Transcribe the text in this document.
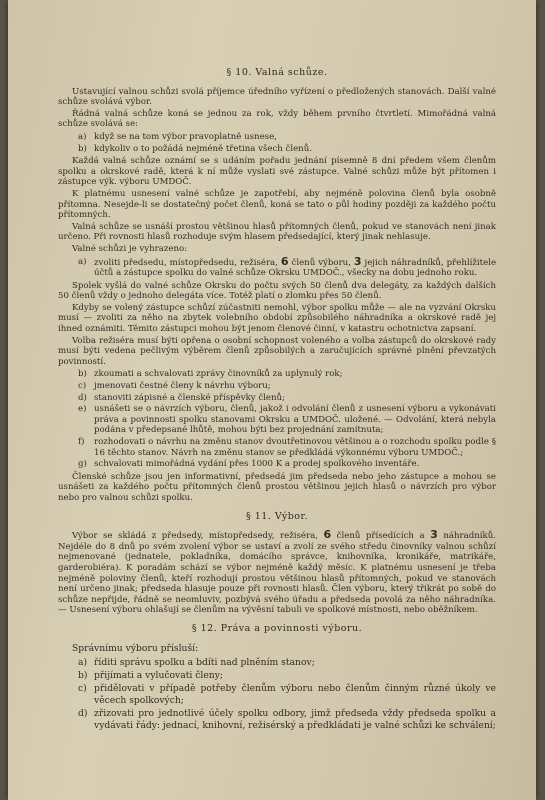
§ 10. Valná schůze.

Ustavující valnou schůzi svolá příjemce úředního vyřízení o předložených stanovách. Další valné schůze svolává výbor.

Řádná valná schůze koná se jednou za rok, vždy během prvního čtvrtletí. Mimořádná valná schůze svolává se:

a) když se na tom výbor pravoplatně usnese,
b) kdykoliv o to požádá nejméně třetina všech členů.

Každá valná schůze oznámí se s udáním pořadu jednání písemně 8 dní předem všem členům spolku a okrskové radě, která k ní může vyslati své zástupce. Valné schůzi může být přítomen i zástupce výk. výboru UMDOČ.

K platnému usnesení valné schůze je zapotřebí, aby nejméně polovina členů byla osobně přítomna. Nesejde-li se dostatečný počet členů, koná se tato o půl hodiny později za každého počtu přítomných.

Valná schůze se usnáší prostou většinou hlasů přítomných členů, pokud ve stanovách není jinak určeno. Při rovnosti hlasů rozhoduje svým hlasem předsedající, který jinak nehlasuje.

Valné schůzi je vyhrazeno:

a) zvoliti předsedu, místopředsedu, režiséra, 6 členů výboru, 3 jejich náhradníků, přehlížitele účtů a zástupce spolku do valné schůze Okrsku UMDOČ., všecky na dobu jednoho roku.

Spolek vyšlá do valné schůze Okrsku do počtu svých 50 členů dva delegáty, za každých dalších 50 členů vždy o jednoho delegáta více. Totéž platí o zlomku přes 50 členů.

Kdyby se volený zástupce schůzí zúčastniti nemohl, výbor spolku může — ale na vyzvání Okrsku musí — zvoliti za něho na zbytek volebního období způsobilého náhradníka a okrskové radě jej ihned oznámiti. Těmito zástupci mohou být jenom členové činní, v katastru ochotnictva zapsaní.

Volba režiséra musí býti opřena o osobní schopnost voleného a volba zástupců do okrskové rady musí býti vedena pečlivým výběrem členů způsobilých a zaručujících správné plnění převzatých povinností.

b) zkoumati a schvalovati zprávy činovníků za uplynulý rok;
c) jmenovati čestné členy k návrhu výboru;
d) stanoviti zápisné a členské příspěvky členů;
e) usnášeti se o návrzích výboru, členů, jakož i odvolání členů z usnesení výboru a vykonávati práva a povinnosti spolku stanovami Okrsku a UMDOČ. uložené. — Odvolání, která nebyla podána v předepsané lhůtě, mohou býti bez projednání zamítnuta;
f)	rozhodovati o návrhu na změnu stanov dvoutřetinovou většinou a o rozchodu spolku podle § 16 těchto stanov. Návrh na změnu stanov se předkládá výkonnému výboru UMDOČ.;
g) schvalovati mimořádná vydání přes 1000 K a prodej spolkového inventáře.

Členské schůze jsou jen informativní, předsedá jim předseda nebo jeho zástupce a mohou se usnášeti za každého počtu přítomných členů prostou většinou jejich hlasů o návrzích pro výbor nebo pro valnou schůzi spolku.

§ 11. Výbor.

Výbor se skládá z předsedy, místopředsedy, režiséra, 6 členů přísedících a 3 náhradníků. Nejdéle do 8 dnů po svém zvolení výbor se ustaví a zvolí ze svého středu činovníky valnou schůzí nejmenované (jednatele, pokladníka, domácího správce, knihovníka, kronikáře, matrikáře, garderobiéra). K poradám schází se výbor nejméně každý měsíc. K platnému usnesení je třeba nejméně poloviny členů, kteří rozhodují prostou většinou hlasů přítomných, pokud ve stanovách není určeno jinak; předseda hlasuje pouze při rovnosti hlasů. Člen výboru, který třikrát po sobě do schůze nepřijde, řádně se neomluviv, pozbývá svého úřadu a předseda povolá za něho náhradníka. — Usnesení výboru ohlašují se členům na vývěsní tabuli ve spolkové místnosti, nebo oběžníkem.

§ 12. Práva a povinnosti výboru.

Správnímu výboru přísluší:

a) říditi správu spolku a bdíti nad plněním stanov;
b) přijímati a vylučovati členy;
c) přidělovati v případě potřeby členům výboru nebo členům činným různé úkoly ve věcech spolkových;
d) zřizovati pro jednotlivé účely spolku odbory, jimž předseda vždy předseda spolku a vydávati řády: jednací, knihovní, režisérský a předkládati je valné schůzi ke schválení;
